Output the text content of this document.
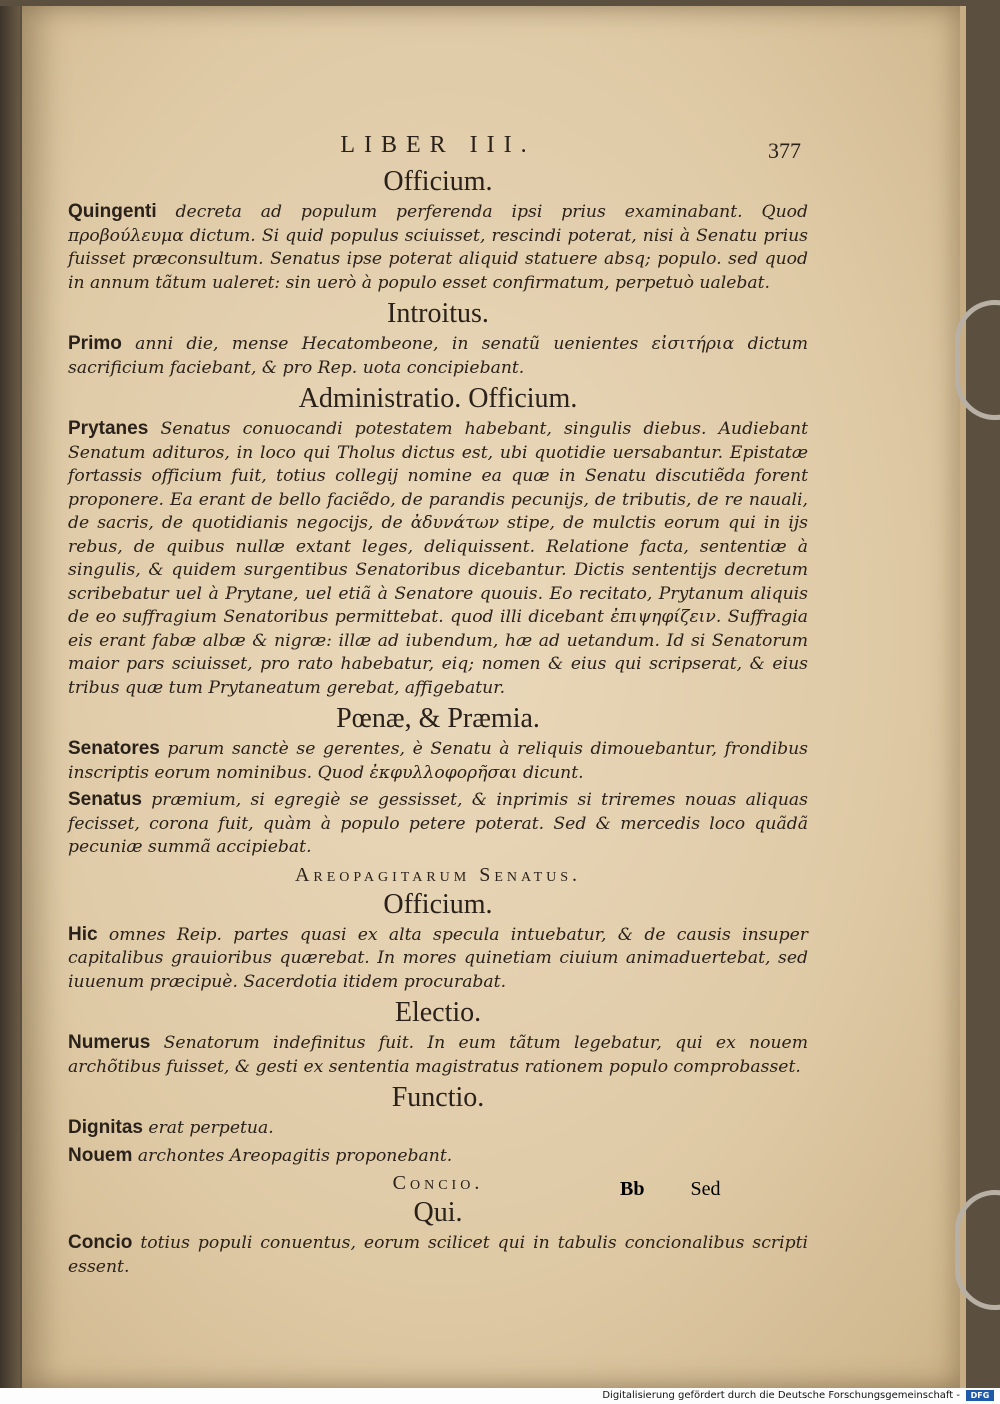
LIBER III.	377
Officium.
Quingenti decreta ad populum perferenda ipsi prius examinabant. Quod προβούλευμα dictum. Si quid populus sciuisset, rescindi poterat, nisi à Senatu prius fuisset præconsultum. Senatus ipse poterat aliquid statuere absq; populo. sed quod in annum tãtum ualeret: sin uerò à populo esset confirmatum, perpetuò ualebat.
Introitus.
Primo anni die, mense Hecatombeone, in senatũ uenientes εἰσιτήρια dictum sacrificium faciebant, & pro Rep. uota concipiebant.
Administratio. Officium.
Prytanes Senatus conuocandi potestatem habebant, singulis diebus. Audiebant Senatum adituros, in loco qui Tholus dictus est, ubi quotidie uersabantur. Epistatæ fortassis officium fuit, totius collegij nomine ea quæ in Senatu discutiẽda forent proponere. Ea erant de bello faciẽdo, de parandis pecunijs, de tributis, de re nauali, de sacris, de quotidianis negocijs, de ἀδυνάτων stipe, de mulctis eorum qui in ijs rebus, de quibus nullæ extant leges, deliquissent. Relatione facta, sententiæ à singulis, & quidem surgentibus Senatoribus dicebantur. Dictis sententijs decretum scribebatur uel à Prytane, uel etiã à Senatore quouis. Eo recitato, Prytanum aliquis de eo suffragium Senatoribus permittebat. quod illi dicebant ἐπιψηφίζειν. Suffragia eis erant fabæ albæ & nigræ: illæ ad iubendum, hæ ad uetandum. Id si Senatorum maior pars sciuisset, pro rato habebatur, eiq; nomen & eius qui scripserat, & eius tribus quæ tum Prytaneatum gerebat, affigebatur.
Pœnæ, & Præmia.
Senatores parum sanctè se gerentes, è Senatu à reliquis dimouebantur, frondibus inscriptis eorum nominibus. Quod ἐκφυλλοφορῆσαι dicunt.
Senatus præmium, si egregiè se gessisset, & inprimis si triremes nouas aliquas fecisset, corona fuit, quàm à populo petere poterat. Sed & mercedis loco quãdã pecuniæ summã accipiebat.
Areopagitarum Senatus.
Officium.
Hic omnes Reip. partes quasi ex alta specula intuebatur, & de causis insuper capitalibus grauioribus quærebat. In mores quinetiam ciuium animaduertebat, sed iuuenum præcipuè. Sacerdotia itidem procurabat.
Electio.
Numerus Senatorum indefinitus fuit. In eum tãtum legebatur, qui ex nouem archõtibus fuisset, & gesti ex sententia magistratus rationem populo comprobasset.
Functio.
Dignitas erat perpetua.
Nouem archontes Areopagitis proponebant.
Concio.
Qui.
Concio totius populi conuentus, eorum scilicet qui in tabulis concionalibus scripti essent.
Bb Sed
Digitalisierung gefördert durch die Deutsche Forschungsgemeinschaft -	DFG
